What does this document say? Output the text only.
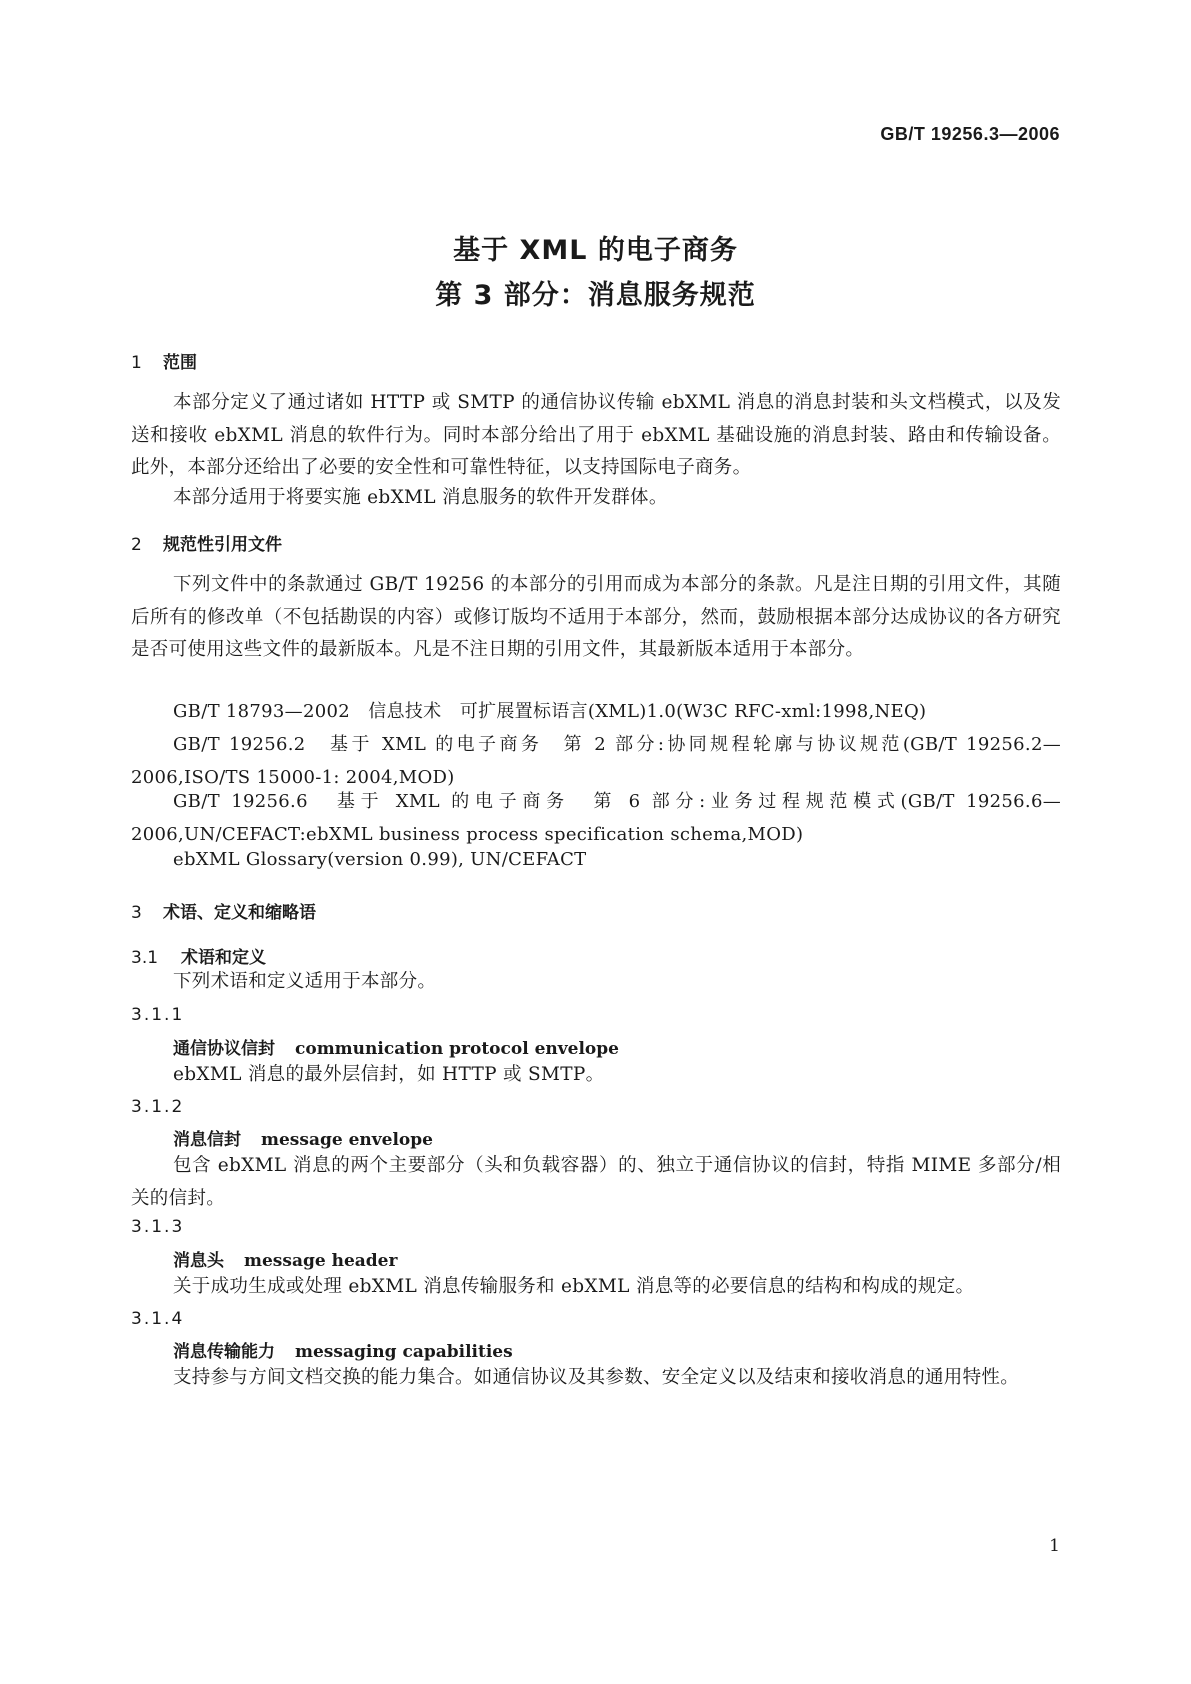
GB/T 19256.3—2006
基于 XML 的电子商务
第 3 部分：消息服务规范
1 范围
本部分定义了通过诸如 HTTP 或 SMTP 的通信协议传输 ebXML 消息的消息封装和头文档模式，以及发送和接收 ebXML 消息的软件行为。同时本部分给出了用于 ebXML 基础设施的消息封装、路由和传输设备。此外，本部分还给出了必要的安全性和可靠性特征，以支持国际电子商务。
本部分适用于将要实施 ebXML 消息服务的软件开发群体。
2 规范性引用文件
下列文件中的条款通过 GB/T 19256 的本部分的引用而成为本部分的条款。凡是注日期的引用文件，其随后所有的修改单（不包括勘误的内容）或修订版均不适用于本部分，然而，鼓励根据本部分达成协议的各方研究是否可使用这些文件的最新版本。凡是不注日期的引用文件，其最新版本适用于本部分。
GB/T 18793—2002　信息技术　可扩展置标语言(XML)1.0(W3C RFC-xml:1998,NEQ)
GB/T 19256.2　基于 XML 的电子商务　第 2 部分:协同规程轮廓与协议规范(GB/T 19256.2—2006,ISO/TS 15000-1: 2004,MOD)
GB/T 19256.6　基于 XML 的电子商务　第 6 部分:业务过程规范模式(GB/T 19256.6—2006,UN/CEFACT:ebXML business process specification schema,MOD)
ebXML Glossary(version 0.99), UN/CEFACT
3 术语、定义和缩略语
3.1 术语和定义
下列术语和定义适用于本部分。
3.1.1
通信协议信封 communication protocol envelope
ebXML 消息的最外层信封，如 HTTP 或 SMTP。
3.1.2
消息信封 message envelope
包含 ebXML 消息的两个主要部分（头和负载容器）的、独立于通信协议的信封，特指 MIME 多部分/相关的信封。
3.1.3
消息头 message header
关于成功生成或处理 ebXML 消息传输服务和 ebXML 消息等的必要信息的结构和构成的规定。
3.1.4
消息传输能力 messaging capabilities
支持参与方间文档交换的能力集合。如通信协议及其参数、安全定义以及结束和接收消息的通用特性。
1
